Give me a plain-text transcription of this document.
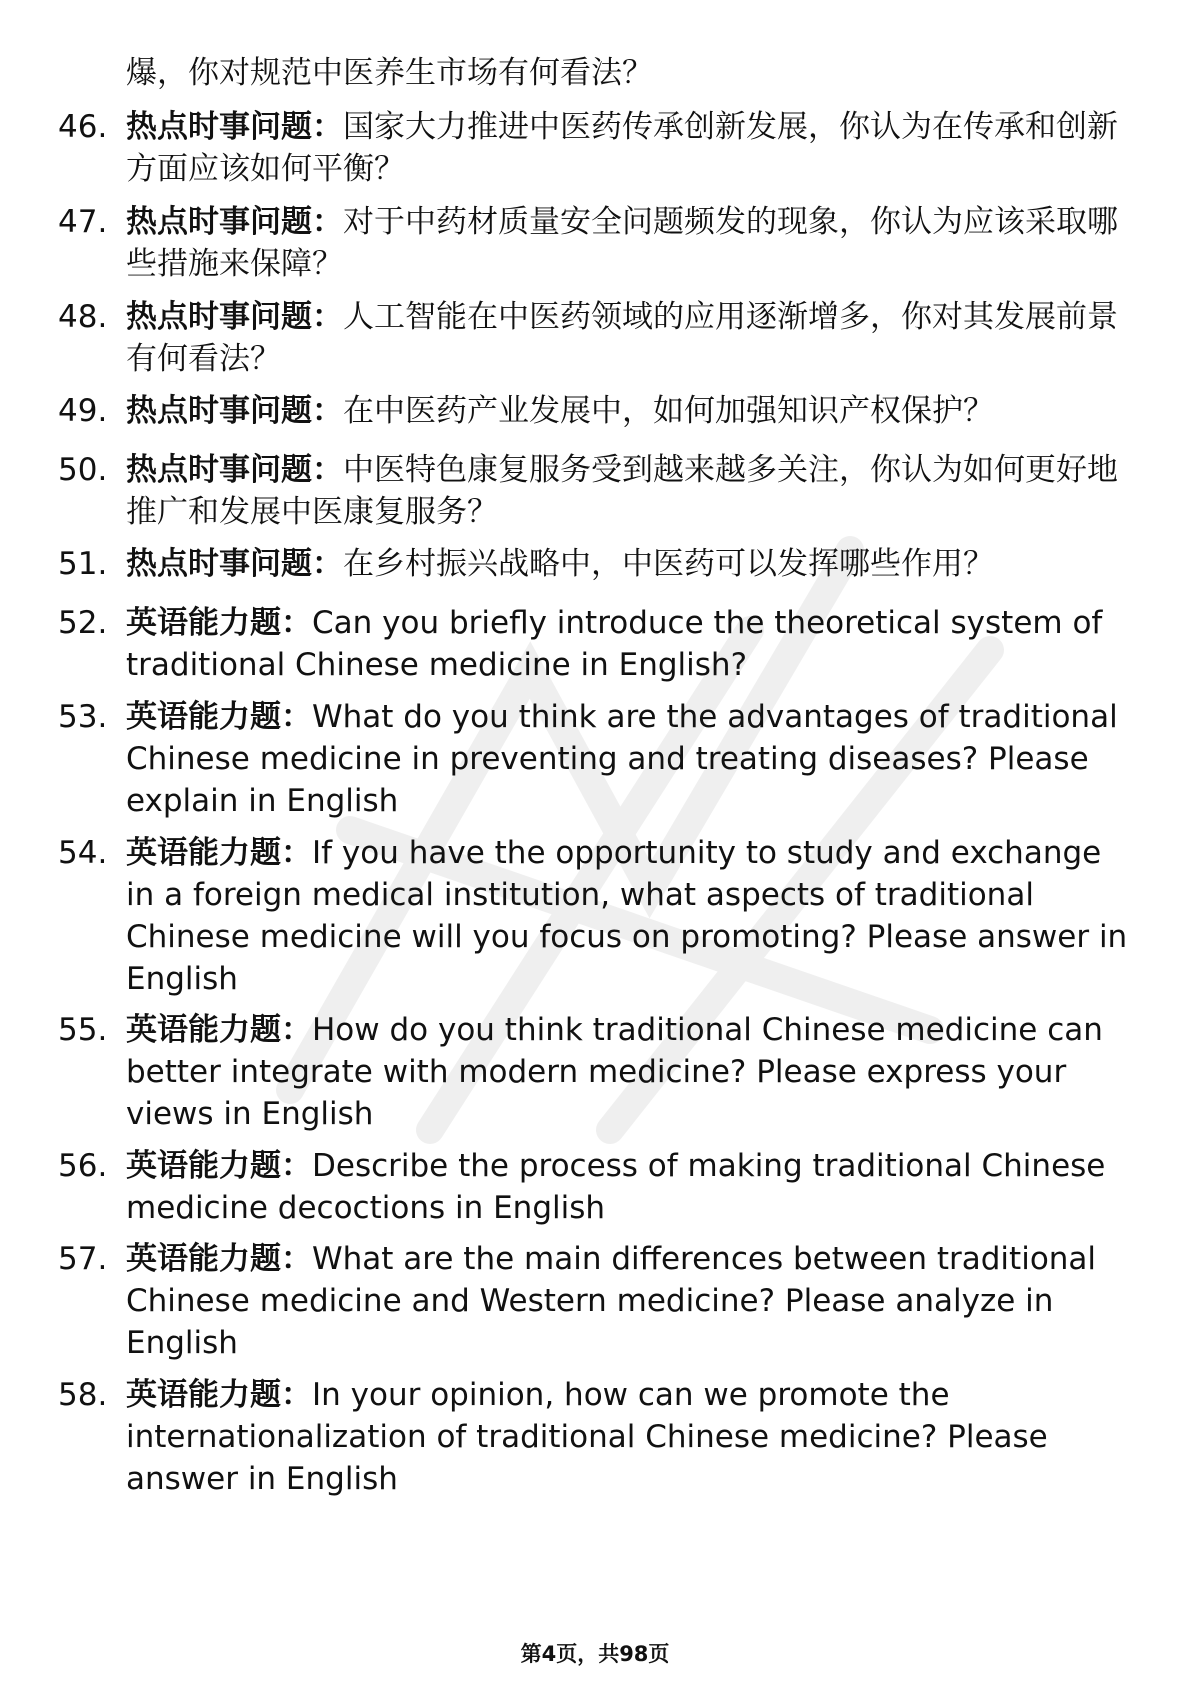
爆，你对规范中医养生市场有何看法？
46. 热点时事问题：国家大力推进中医药传承创新发展，你认为在传承和创新方面应该如何平衡？
47. 热点时事问题：对于中药材质量安全问题频发的现象，你认为应该采取哪些措施来保障？
48. 热点时事问题：人工智能在中医药领域的应用逐渐增多，你对其发展前景有何看法？
49. 热点时事问题：在中医药产业发展中，如何加强知识产权保护？
50. 热点时事问题：中医特色康复服务受到越来越多关注，你认为如何更好地推广和发展中医康复服务？
51. 热点时事问题：在乡村振兴战略中，中医药可以发挥哪些作用？
52. 英语能力题：Can you briefly introduce the theoretical system of traditional Chinese medicine in English?
53. 英语能力题：What do you think are the advantages of traditional Chinese medicine in preventing and treating diseases? Please explain in English
54. 英语能力题：If you have the opportunity to study and exchange in a foreign medical institution, what aspects of traditional Chinese medicine will you focus on promoting? Please answer in English
55. 英语能力题：How do you think traditional Chinese medicine can better integrate with modern medicine? Please express your views in English
56. 英语能力题：Describe the process of making traditional Chinese medicine decoctions in English
57. 英语能力题：What are the main differences between traditional Chinese medicine and Western medicine? Please analyze in English
58. 英语能力题：In your opinion, how can we promote the internationalization of traditional Chinese medicine? Please answer in English
第4页，共98页
